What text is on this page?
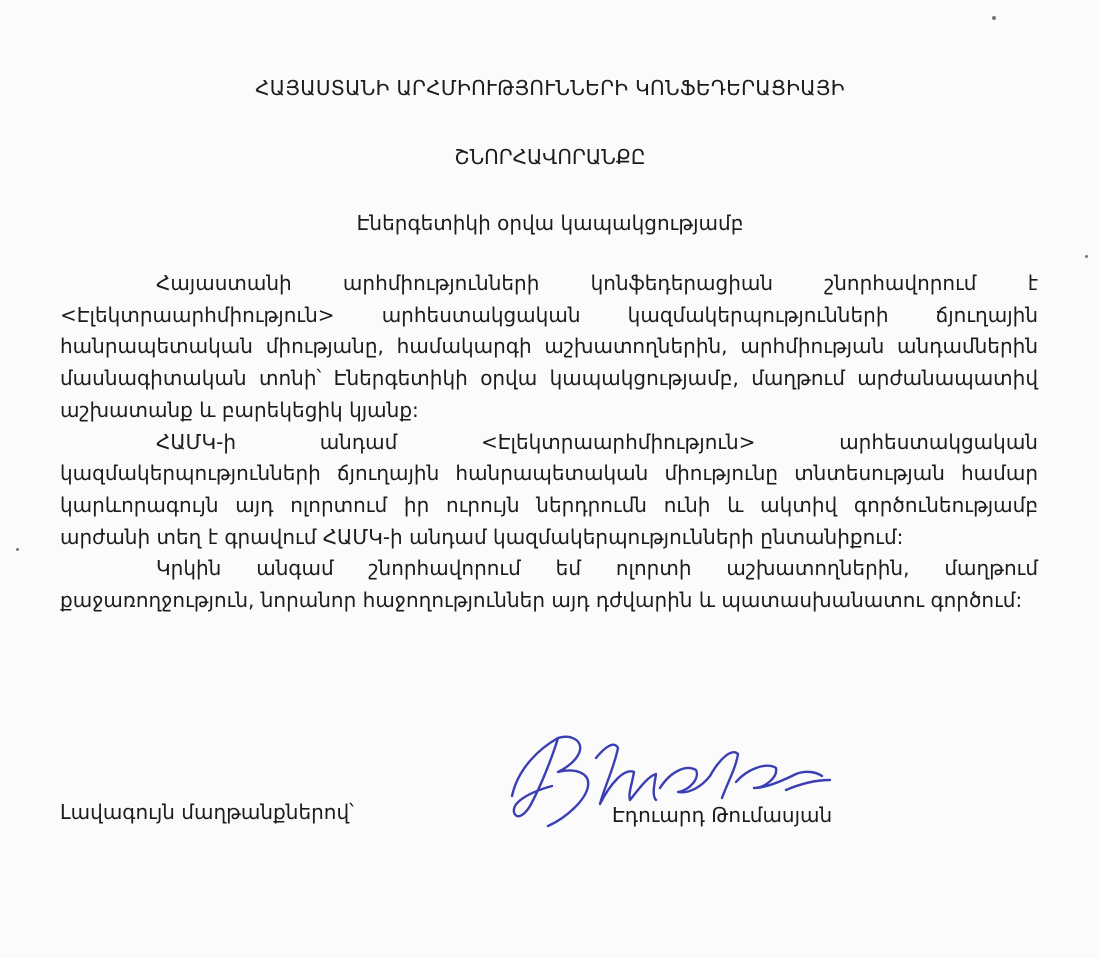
ՀԱՅԱՍՏԱՆԻ ԱՐՀՄԻՈՒԹՅՈՒՆՆԵՐԻ ԿՈՆՖԵԴԵՐԱՑԻԱՅԻ
ՇՆՈՐՀԱՎՈՐԱՆՔԸ
Էներգետիկի օրվա կապակցությամբ

Հայաստանի արհմիությունների կոնֆեդերացիան շնորհավորում է <Էլեկտրաարհմիություն> արհեստակցական կազմակերպությունների ճյուղային հանրապետական միությանը, համակարգի աշխատողներին, արհմիության անդամներին մասնագիտական տոնի՝ Էներգետիկի օրվա կապակցությամբ, մաղթում արժանապատիվ աշխատանք և բարեկեցիկ կյանք:

ՀԱՄԿ-ի անդամ <Էլեկտրաարհմիություն> արհեստակցական կազմակերպությունների ճյուղային հանրապետական միությունը տնտեսության համար կարևորագույն այդ ոլորտում իր ուրույն ներդրումն ունի և ակտիվ գործունեությամբ արժանի տեղ է գրավում ՀԱՄԿ-ի անդամ կազմակերպությունների ընտանիքում:

Կրկին անգամ շնորհավորում եմ ոլորտի աշխատողներին, մաղթում քաջառողջություն, նորանոր հաջողություններ այդ դժվարին և պատասխանատու գործում:

Լավագույն մաղթանքներով՝	Էդուարդ Թումասյան
